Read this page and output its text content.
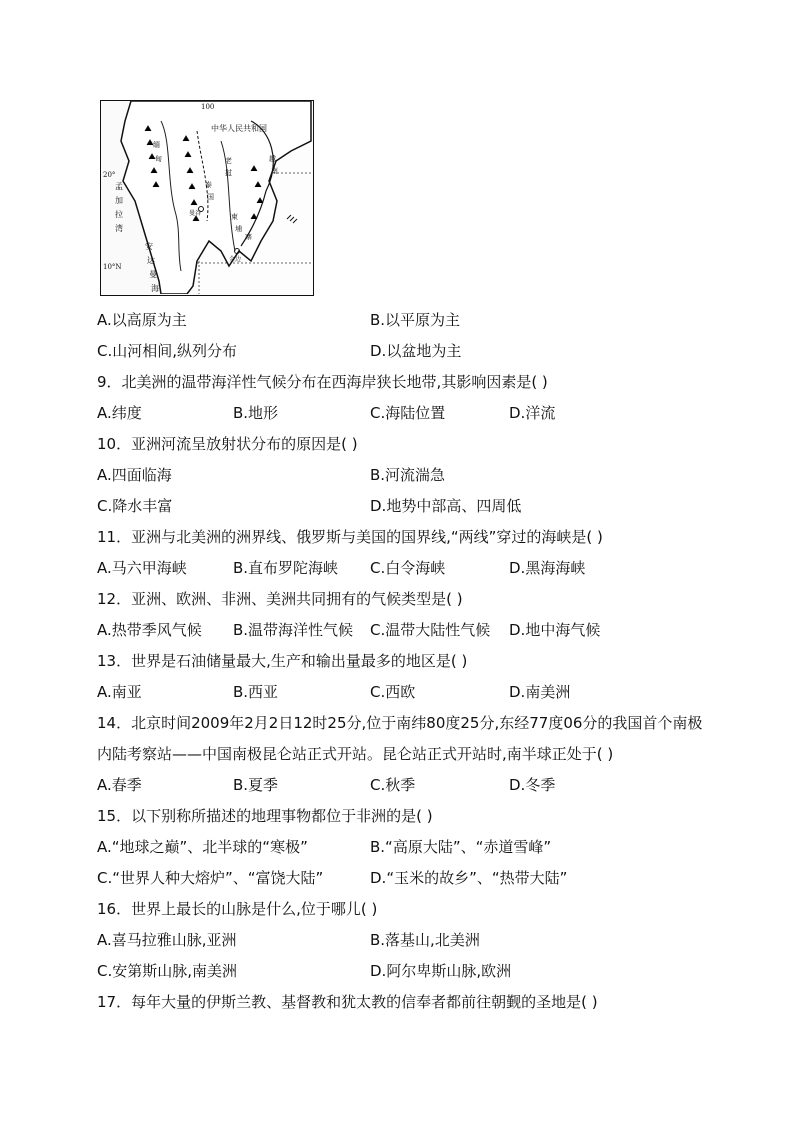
100
中华人民共和国
20°
10°N
孟 加 拉 湾
安 达 曼 海
缅
甸
泰
国
柬
埔
寨
越
南
老
挝
曼谷
金边
A.以高原为主	B.以平原为主
C.山河相间,纵列分布	D.以盆地为主
9．北美洲的温带海洋性气候分布在西海岸狭长地带,其影响因素是( )
A.纬度	B.地形	C.海陆位置	D.洋流
10．亚洲河流呈放射状分布的原因是( )
A.四面临海	B.河流湍急
C.降水丰富	D.地势中部高、四周低
11．亚洲与北美洲的洲界线、俄罗斯与美国的国界线,“两线”穿过的海峡是( )
A.马六甲海峡	B.直布罗陀海峡 C.白令海峡	D.黑海海峡
12．亚洲、欧洲、非洲、美洲共同拥有的气候类型是( )
A.热带季风气候 B.温带海洋性气候 C.温带大陆性气候 D.地中海气候
13．世界是石油储量最大,生产和输出量最多的地区是( )
A.南亚	B.西亚	C.西欧	D.南美洲
14．北京时间2009年2月2日12时25分,位于南纬80度25分,东经77度06分的我国首个南极
内陆考察站——中国南极昆仑站正式开站。昆仑站正式开站时,南半球正处于( )
A.春季	B.夏季	C.秋季	D.冬季
15．以下别称所描述的地理事物都位于非洲的是( )
A.“地球之巅”、北半球的“寒极”	B.“高原大陆”、“赤道雪峰”
C.“世界人种大熔炉”、“富饶大陆”	D.“玉米的故乡”、“热带大陆”
16．世界上最长的山脉是什么,位于哪儿( )
A.喜马拉雅山脉,亚洲	B.落基山,北美洲
C.安第斯山脉,南美洲	D.阿尔卑斯山脉,欧洲
17．每年大量的伊斯兰教、基督教和犹太教的信奉者都前往朝觐的圣地是( )
